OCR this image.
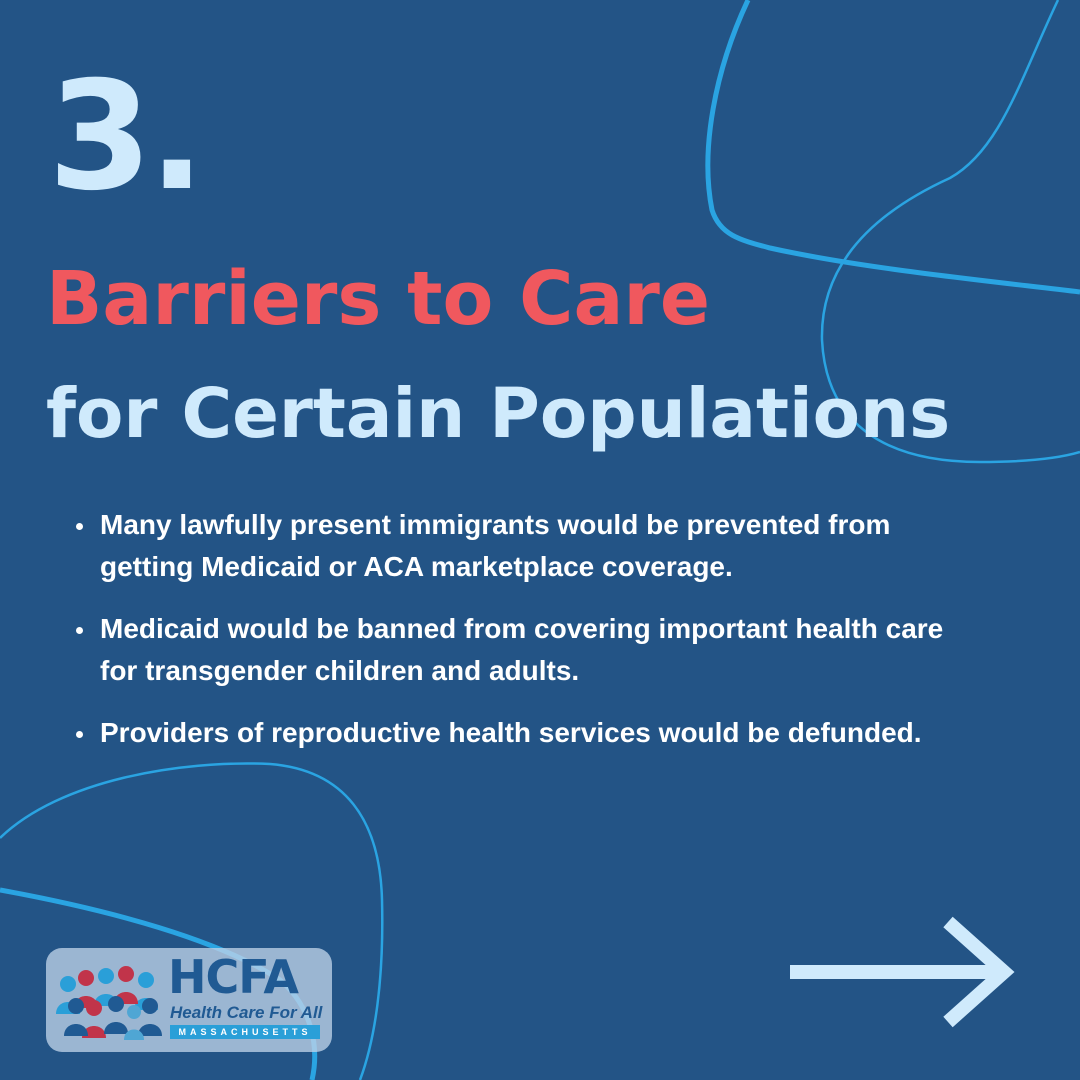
3.
Barriers to Care
for Certain Populations
Many lawfully present immigrants would be prevented from getting Medicaid or ACA marketplace coverage.
Medicaid would be banned from covering important health care for transgender children and adults.
Providers of reproductive health services would be defunded.
HCFA
Health Care For All
MASSACHUSETTS
